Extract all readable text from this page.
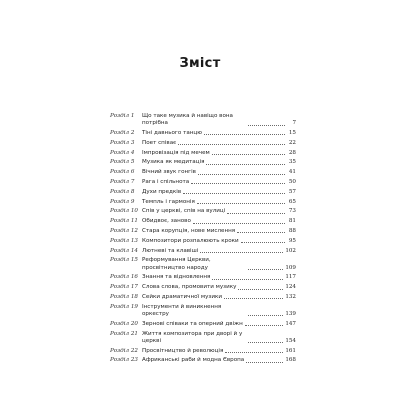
Зміст
Розділ 1	Що таке музика й навіщо вона потрібна	7
Розділ 2	Тіні давнього танцю	15
Розділ 3	Поет співає	22
Розділ 4	Імпровізація під мечем	28
Розділ 5	Музика як медитація	35
Розділ 6	Вічний звук гонгів	41
Розділ 7	Рага і спільнота	50
Розділ 8	Духи предків	57
Розділ 9	Темпль і гармонія	65
Розділ 10 Спів у церкві, спів на вулиці	73
Розділ 11 Обидвоє, заново	81
Розділ 12 Стара корупція, нове мислення	88
Розділ 13 Композитори розпалюють кроки	95
Розділ 14 Лютневі та клавіші	102
Розділ 15 Реформування Церкви, просвітництво народу	109
Розділ 16 Знання та відновлення	117
Розділ 17 Слова слова, промовити музику	124
Розділ 18 Сейки драматичної музики	132
Розділ 19 Інструменти й виникнення оркестру	139
Розділ 20 Зернові співаки та оперний двіжн	147
Розділ 21 Життя композитора при дворі й у церкві	154
Розділ 22 Просвітництво й революція	161
Розділ 23 Африканські раби й модна Європа	168
